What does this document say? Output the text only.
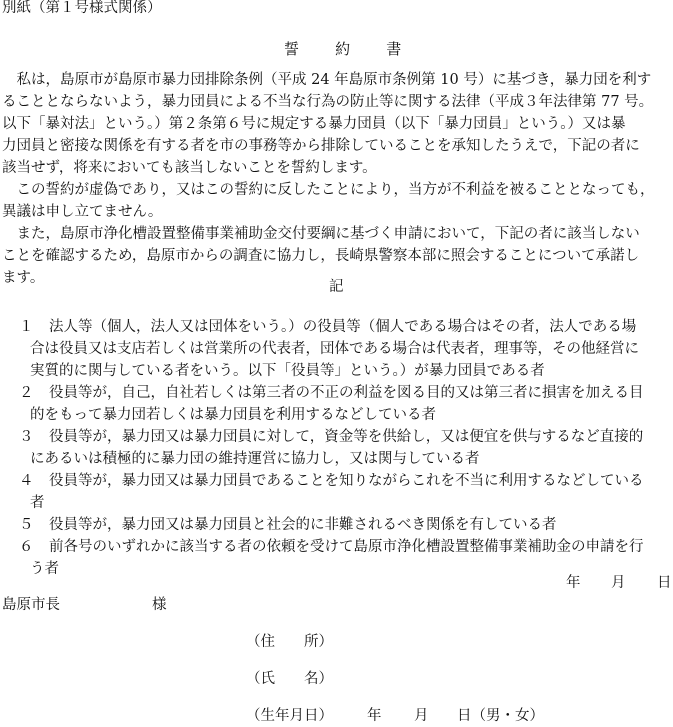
別紙（第１号様式関係）
誓 約 書
　私は，島原市が島原市暴力団排除条例（平成 24 年島原市条例第 10 号）に基づき，暴力団を利す
ることとならないよう，暴力団員による不当な行為の防止等に関する法律（平成３年法律第 77 号。
以下「暴対法」という。）第２条第６号に規定する暴力団員（以下「暴力団員」という。）又は暴
力団員と密接な関係を有する者を市の事務等から排除していることを承知したうえで，下記の者に
該当せず，将来においても該当しないことを誓約します。
　この誓約が虚偽であり，又はこの誓約に反したことにより，当方が不利益を被ることとなっても，
異議は申し立てません。
　また，島原市浄化槽設置整備事業補助金交付要綱に基づく申請において，下記の者に該当しない
ことを確認するため，島原市からの調査に協力し，長崎県警察本部に照会することについて承諾し
ます。
記
１ 法人等（個人，法人又は団体をいう。）の役員等（個人である場合はその者，法人である場
合は役員又は支店若しくは営業所の代表者，団体である場合は代表者，理事等，その他経営に
実質的に関与している者をいう。以下「役員等」という。）が暴力団員である者
２ 役員等が，自己，自社若しくは第三者の不正の利益を図る目的又は第三者に損害を加える目
的をもって暴力団若しくは暴力団員を利用するなどしている者
３ 役員等が，暴力団又は暴力団員に対して，資金等を供給し，又は便宜を供与するなど直接的
にあるいは積極的に暴力団の維持運営に協力し，又は関与している者
４ 役員等が，暴力団又は暴力団員であることを知りながらこれを不当に利用するなどしている
者
５ 役員等が，暴力団又は暴力団員と社会的に非難されるべき関係を有している者
６ 前各号のいずれかに該当する者の依頼を受けて島原市浄化槽設置整備事業補助金の申請を行
う者
年 月 日
島原市長	様
（住　　所）
（氏　　名）
（生年月日） 年 月 日（男・女）
